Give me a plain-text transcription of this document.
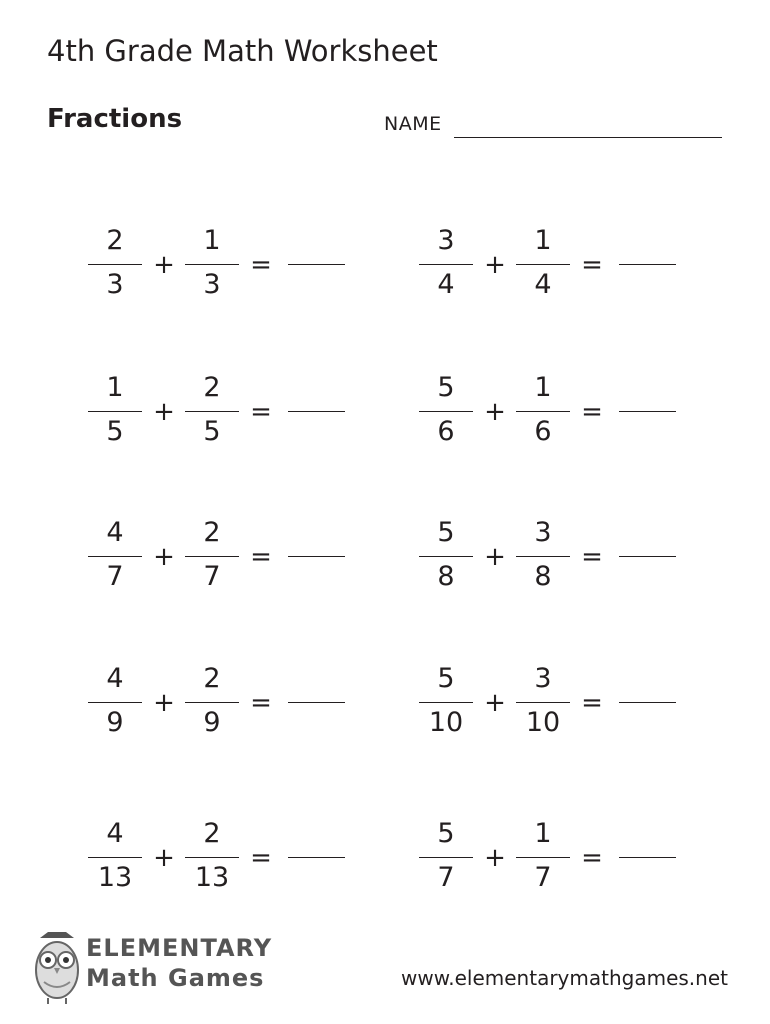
4th Grade Math Worksheet
Fractions	NAME
2
3
+
1
3
=
3
4
+
1
4
=
1
5
+
2
5
=
5
6
+
1
6
=
4
7
+
2
7
=
5
8
+
3
8
=
4
9
+
2
9
=
5
10
+
3
10
=
4
13
+
2
13
=
5
7
+
1
7
=
ELEMENTARY
Math Games	www.elementarymathgames.net
